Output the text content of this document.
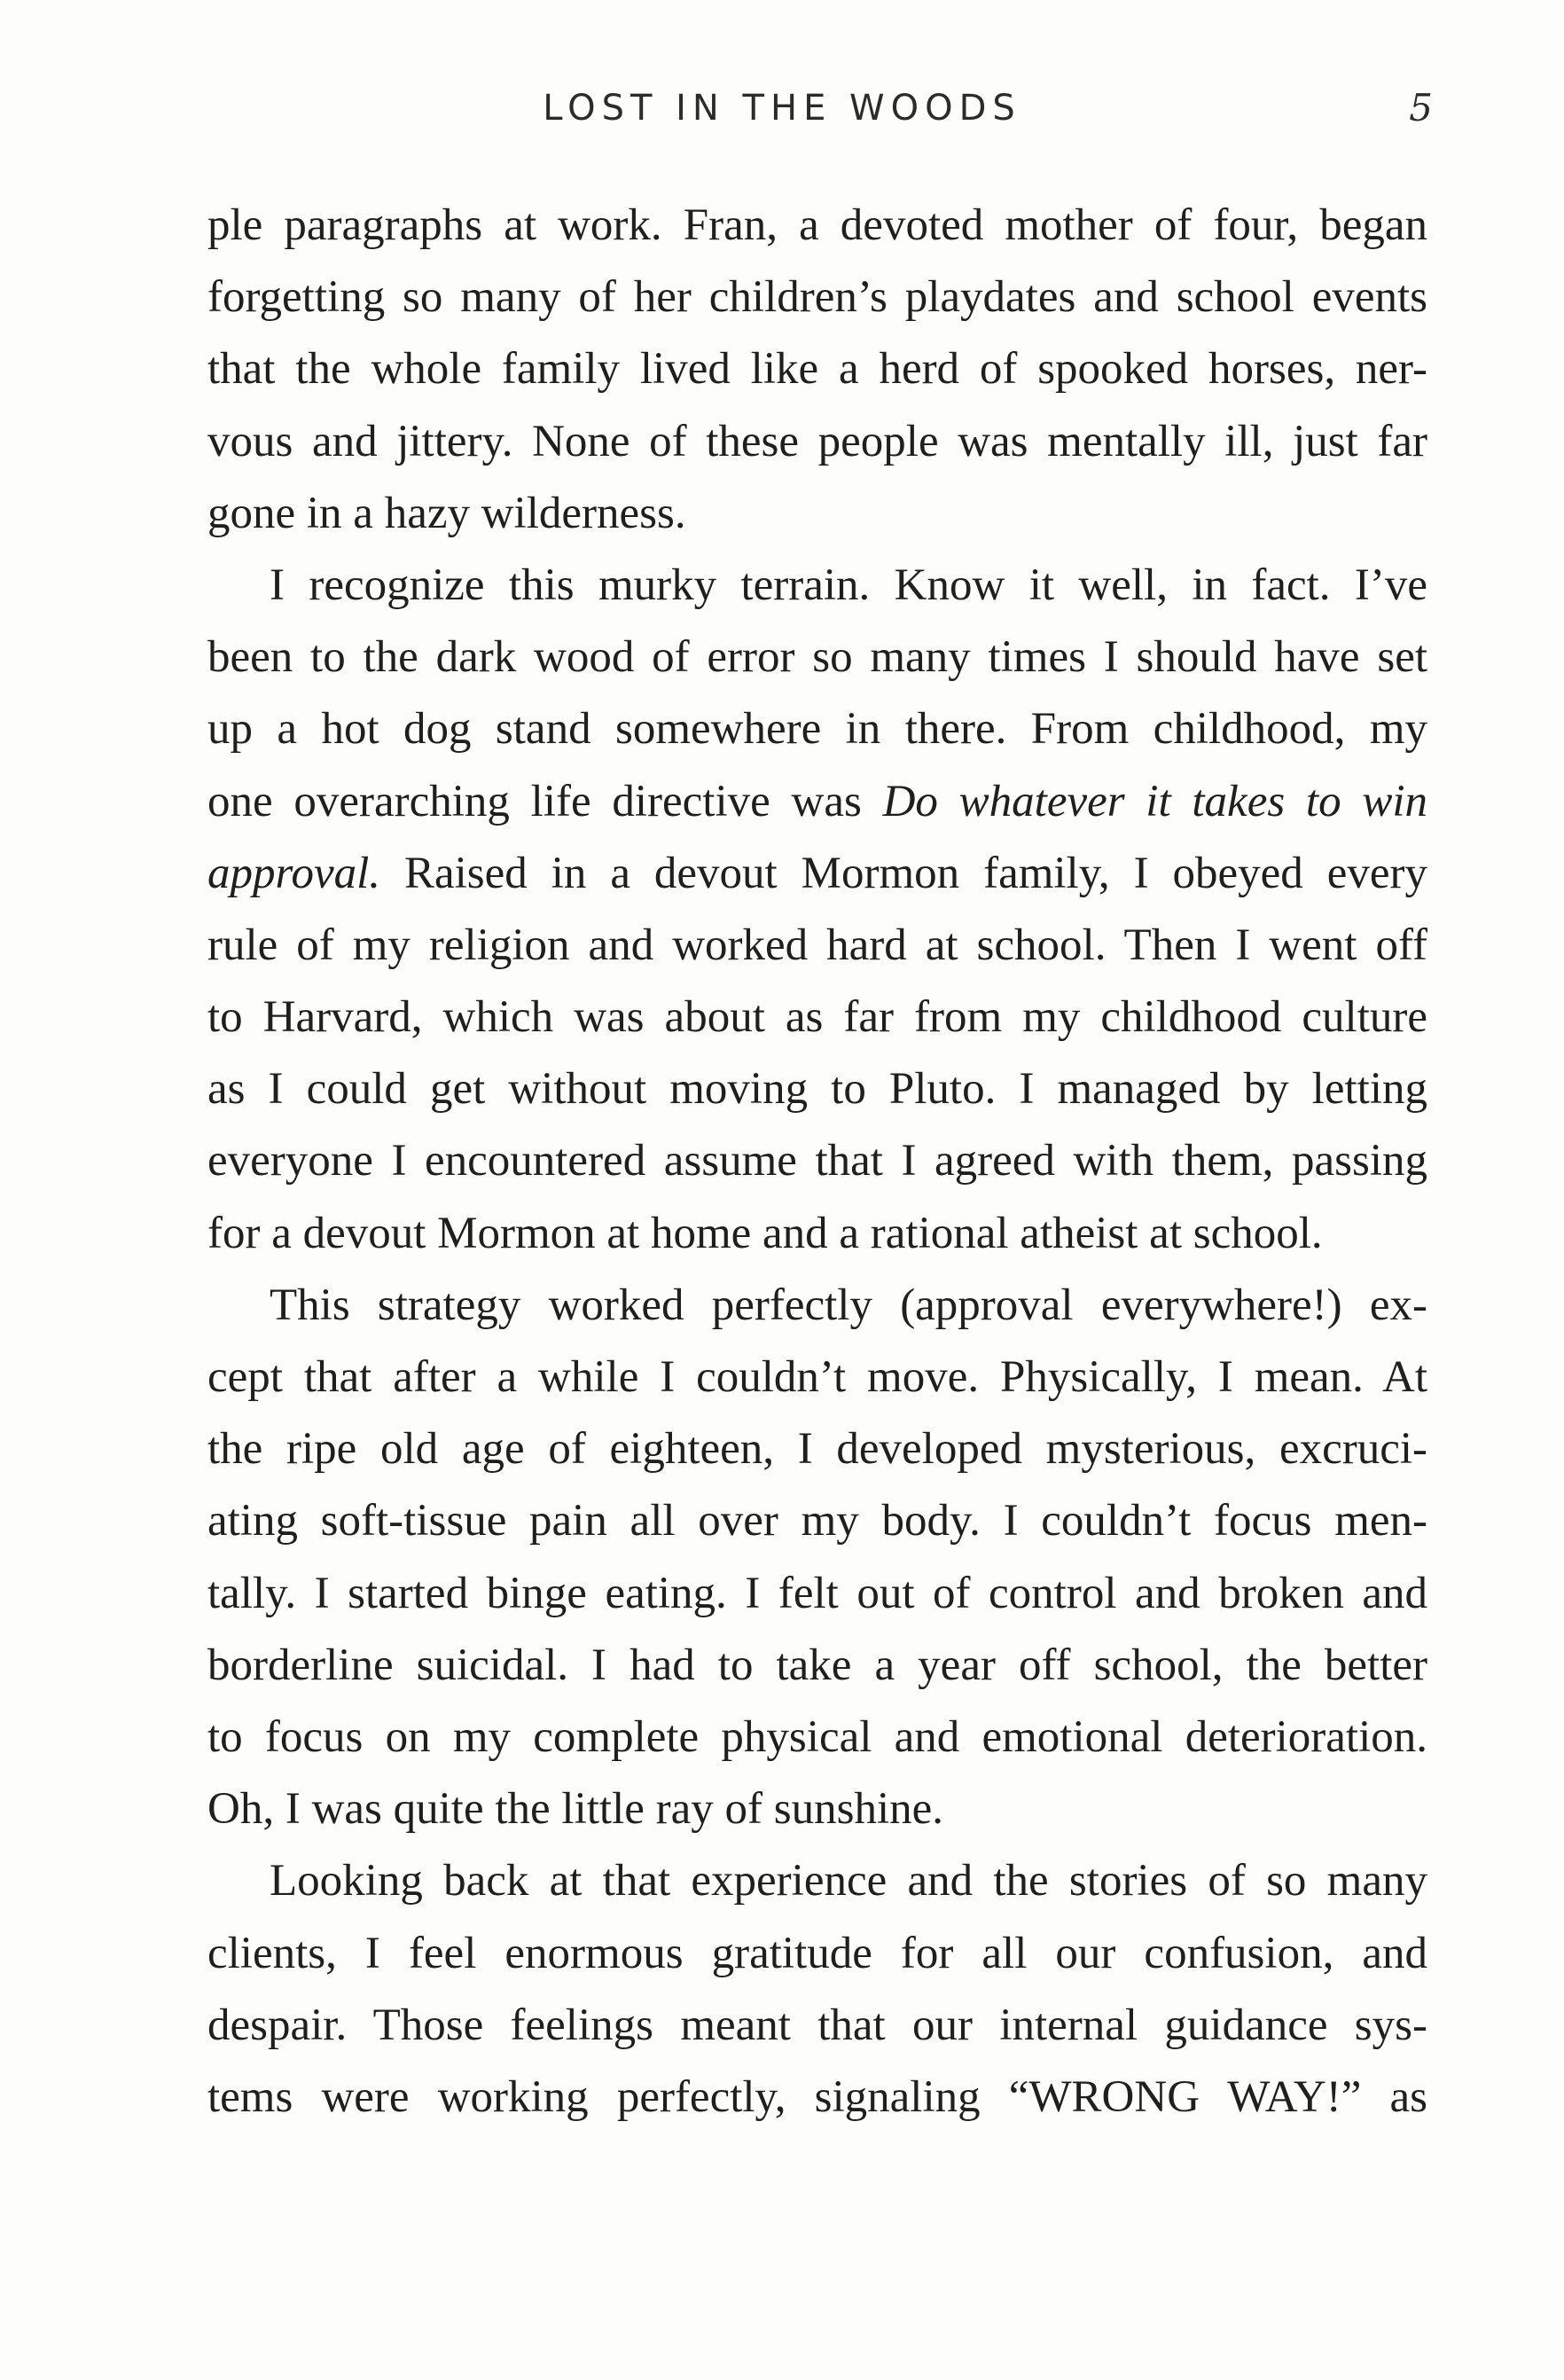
LOST IN THE WOODS	5
ple paragraphs at work. Fran, a devoted mother of four, began
forgetting so many of her children’s playdates and school events
that the whole family lived like a herd of spooked horses, ner-
vous and jittery. None of these people was mentally ill, just far
gone in a hazy wilderness.
I recognize this murky terrain. Know it well, in fact. I’ve
been to the dark wood of error so many times I should have set
up a hot dog stand somewhere in there. From childhood, my
one overarching life directive was Do whatever it takes to win
approval. Raised in a devout Mormon family, I obeyed every
rule of my religion and worked hard at school. Then I went off
to Harvard, which was about as far from my childhood culture
as I could get without moving to Pluto. I managed by letting
everyone I encountered assume that I agreed with them, passing
for a devout Mormon at home and a rational atheist at school.
This strategy worked perfectly (approval everywhere!) ex-
cept that after a while I couldn’t move. Physically, I mean. At
the ripe old age of eighteen, I developed mysterious, excruci-
ating soft-tissue pain all over my body. I couldn’t focus men-
tally. I started binge eating. I felt out of control and broken and
borderline suicidal. I had to take a year off school, the better
to focus on my complete physical and emotional deterioration.
Oh, I was quite the little ray of sunshine.
Looking back at that experience and the stories of so many
clients, I feel enormous gratitude for all our confusion, and
despair. Those feelings meant that our internal guidance sys-
tems were working perfectly, signaling “WRONG WAY!” as
